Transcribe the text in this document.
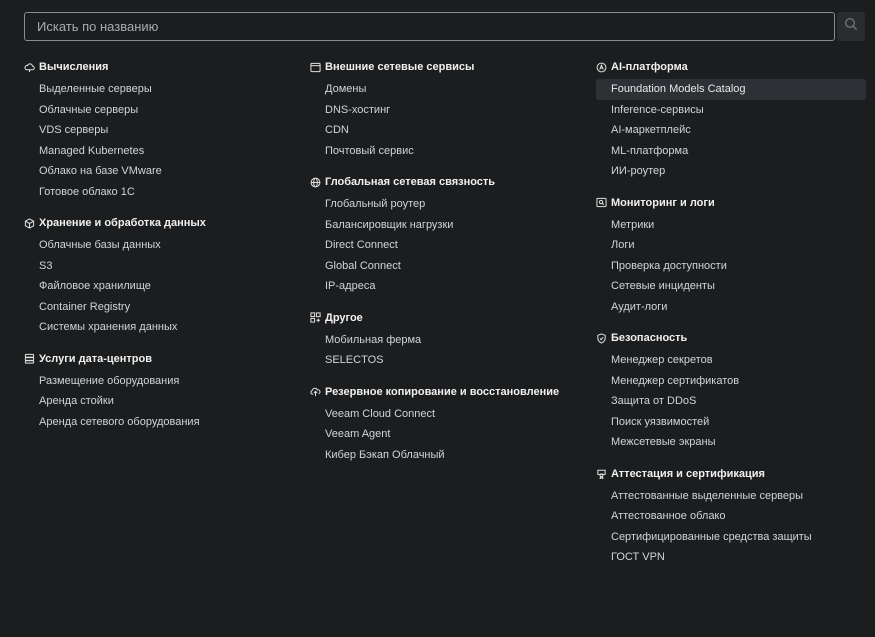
Искать по названию
Вычисления
Выделенные серверы
Облачные серверы
VDS серверы
Managed Kubernetes
Облако на базе VMware
Готовое облако 1С
Хранение и обработка данных
Облачные базы данных
S3
Файловое хранилище
Container Registry
Системы хранения данных
Услуги дата-центров
Размещение оборудования
Аренда стойки
Аренда сетевого оборудования
Внешние сетевые сервисы
Домены
DNS-хостинг
CDN
Почтовый сервис
Глобальная сетевая связность
Глобальный роутер
Балансировщик нагрузки
Direct Connect
Global Connect
IP-адреса
Другое
Мобильная ферма
SELECTOS
Резервное копирование и восстановление
Veeam Cloud Connect
Veeam Agent
Кибер Бэкап Облачный
AI-платформа
Foundation Models Catalog
Inference-сервисы
AI-маркетплейс
ML-платформа
ИИ-роутер
Мониторинг и логи
Метрики
Логи
Проверка доступности
Сетевые инциденты
Аудит-логи
Безопасность
Менеджер секретов
Менеджер сертификатов
Защита от DDoS
Поиск уязвимостей
Межсетевые экраны
Аттестация и сертификация
Аттестованные выделенные серверы
Аттестованное облако
Сертифицированные средства защиты
ГОСТ VPN
